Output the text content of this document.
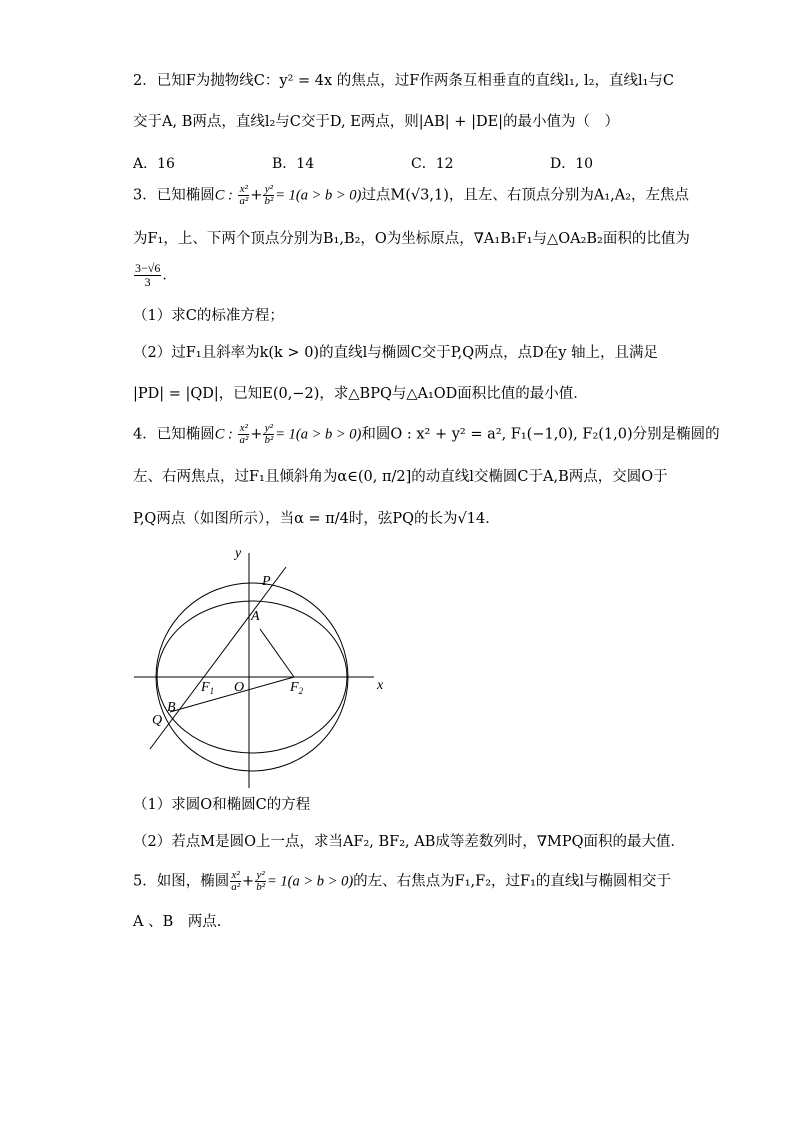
2．已知F为抛物线C：y² = 4x 的焦点，过F作两条互相垂直的直线l₁, l₂，直线l₁与C
交于A, B两点，直线l₂与C交于D, E两点，则|AB| + |DE|的最小值为（　）
A．16	B．14	C．12	D．10
3．已知椭圆C : $\frac{\text{x²}}{\text{a²}} + \frac{\text{y²}}{\text{b²}} = 1(a > b > 0)$过点M(√3,1)，且左、右顶点分别为A₁,A₂，左焦点
为F₁，上、下两个顶点分别为B₁,B₂，O为坐标原点，∇A₁B₁F₁与△OA₂B₂面积的比值为
$\frac{3-√6}{3}$ ．
（1）求C的标准方程；
（2）过F₁且斜率为k(k > 0)的直线l与椭圆C交于P,Q两点，点D在y 轴上，且满足
|PD| = |QD|，已知E(0,−2)，求△BPQ与△A₁OD面积比值的最小值．
4．已知椭圆C : $\frac{\text{x²}}{\text{a²}} + \frac{\text{y²}}{\text{b²}} = 1(a > b > 0)$和圆O : x² + y² = a², F₁(−1,0), F₂(1,0)分别是椭圆的
左、右两焦点，过F₁且倾斜角为α∈(0, π/2]的动直线l交椭圆C于A,B两点，交圆O于
P,Q两点（如图所示），当α = π/4时，弦PQ的长为√14．
y
x
P
A
O
$F_1$	$F_2$
B
Q
（1）求圆O和椭圆C的方程
（2）若点M是圆O上一点，求当AF₂, BF₂, AB成等差数列时，∇MPQ面积的最大值．
5．如图，椭圆 $\frac{\text{x²}}{\text{a²}} + \frac{\text{y²}}{\text{b²}} = 1(a > b > 0)$的左、右焦点为F₁,F₂，过F₁的直线l与椭圆相交于
A 、B　两点.
